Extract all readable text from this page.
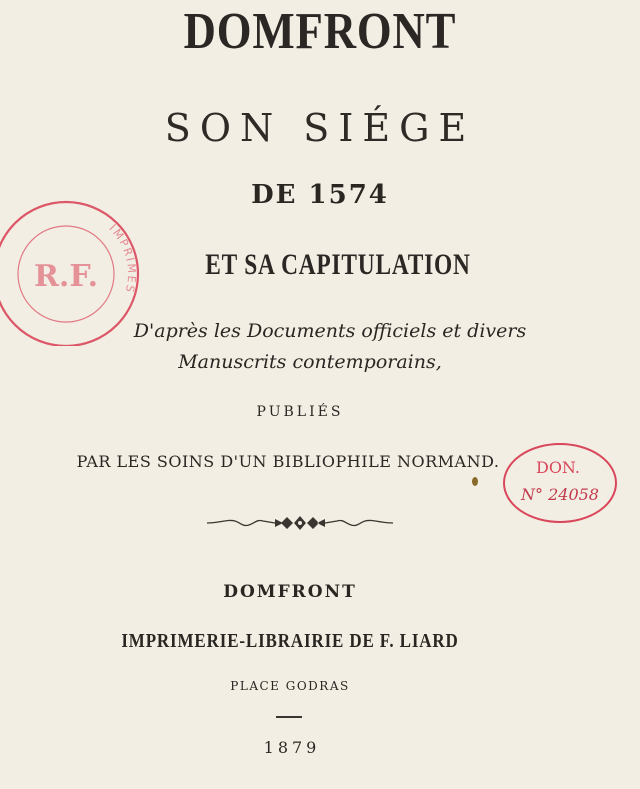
DOMFRONT
SON SIÉGE
DE 1574
ET SA CAPITULATION
D'après les Documents officiels et divers
Manuscrits contemporains,
PUBLIÉS
PAR LES SOINS D'UN BIBLIOPHILE NORMAND.
DOMFRONT
IMPRIMERIE-LIBRAIRIE DE F. LIARD
PLACE GODRAS
1879
R.F.
IMPRIMÉS
DON.
N° 24058
